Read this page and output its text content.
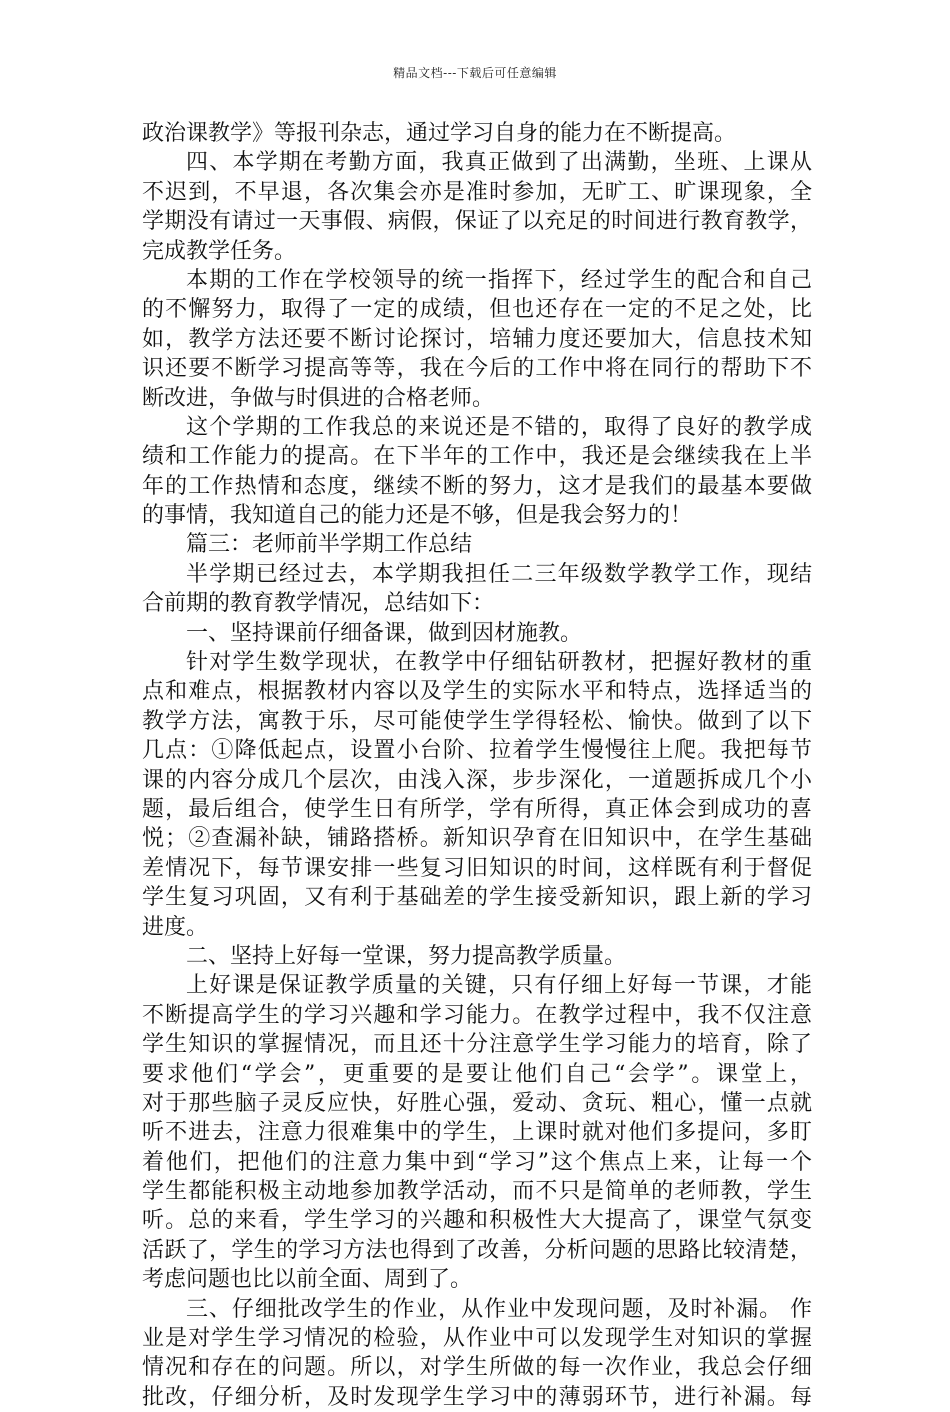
精品文档---下载后可任意编辑
政治课教学》等报刊杂志，通过学习自身的能力在不断提高。
四、本学期在考勤方面，我真正做到了出满勤，坐班、上课从
不迟到，不早退，各次集会亦是准时参加，无旷工、旷课现象，全
学期没有请过一天事假、病假，保证了以充足的时间进行教育教学，
完成教学任务。
本期的工作在学校领导的统一指挥下，经过学生的配合和自己
的不懈努力，取得了一定的成绩，但也还存在一定的不足之处，比
如，教学方法还要不断讨论探讨，培辅力度还要加大，信息技术知
识还要不断学习提高等等，我在今后的工作中将在同行的帮助下不
断改进，争做与时俱进的合格老师。
这个学期的工作我总的来说还是不错的，取得了良好的教学成
绩和工作能力的提高。在下半年的工作中，我还是会继续我在上半
年的工作热情和态度，继续不断的努力，这才是我们的最基本要做
的事情，我知道自己的能力还是不够，但是我会努力的！
篇三：老师前半学期工作总结
半学期已经过去，本学期我担任二三年级数学教学工作，现结
合前期的教育教学情况，总结如下：
一、坚持课前仔细备课，做到因材施教。
针对学生数学现状，在教学中仔细钻研教材，把握好教材的重
点和难点，根据教材内容以及学生的实际水平和特点，选择适当的
教学方法，寓教于乐，尽可能使学生学得轻松、愉快。做到了以下
几点：①降低起点，设置小台阶、拉着学生慢慢往上爬。我把每节
课的内容分成几个层次，由浅入深，步步深化，一道题拆成几个小
题，最后组合，使学生日有所学，学有所得，真正体会到成功的喜
悦；②查漏补缺，铺路搭桥。新知识孕育在旧知识中，在学生基础
差情况下，每节课安排一些复习旧知识的时间，这样既有利于督促
学生复习巩固，又有利于基础差的学生接受新知识，跟上新的学习
进度。
二、坚持上好每一堂课，努力提高教学质量。
上好课是保证教学质量的关键，只有仔细上好每一节课，才能
不断提高学生的学习兴趣和学习能力。在教学过程中，我不仅注意
学生知识的掌握情况，而且还十分注意学生学习能力的培育，除了
要求他们“学会”，更重要的是要让他们自己“会学”。课堂上，
对于那些脑子灵反应快，好胜心强，爱动、贪玩、粗心，懂一点就
听不进去，注意力很难集中的学生，上课时就对他们多提问，多盯
着他们，把他们的注意力集中到“学习”这个焦点上来，让每一个
学生都能积极主动地参加教学活动，而不只是简单的老师教，学生
听。总的来看，学生学习的兴趣和积极性大大提高了，课堂气氛变
活跃了，学生的学习方法也得到了改善，分析问题的思路比较清楚，
考虑问题也比以前全面、周到了。
三、仔细批改学生的作业，从作业中发现问题，及时补漏。 作
业是对学生学习情况的检验，从作业中可以发现学生对知识的掌握
情况和存在的问题。所以，对学生所做的每一次作业，我总会仔细
批改，仔细分析，及时发现学生学习中的薄弱环节，进行补漏。每
